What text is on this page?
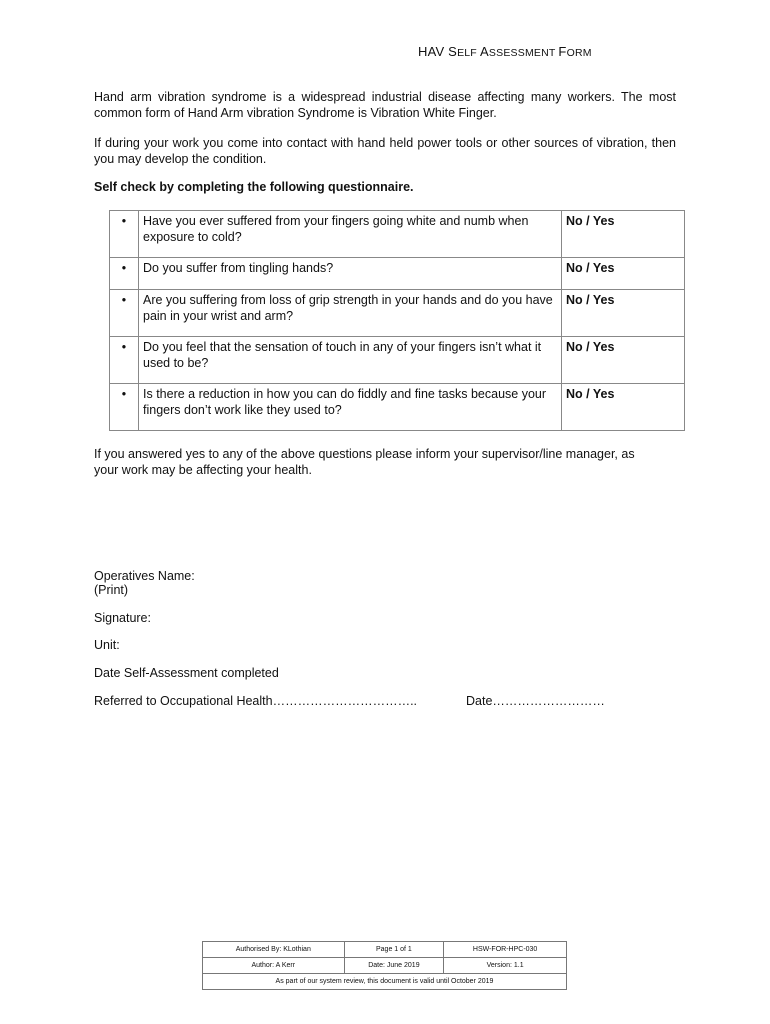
HAV SELF ASSESSMENT FORM
Hand arm vibration syndrome is a widespread industrial disease affecting many workers. The most common form of Hand Arm vibration Syndrome is Vibration White Finger.
If during your work you come into contact with hand held power tools or other sources of vibration, then you may develop the condition.
Self check by completing the following questionnaire.
•	Have you ever suffered from your fingers going white and numb when exposure to cold?	No / Yes
•	Do you suffer from tingling hands?	No / Yes
•	Are you suffering from loss of grip strength in your hands and do you have pain in your wrist and arm?	No / Yes
•	Do you feel that the sensation of touch in any of your fingers isn’t what it used to be?	No / Yes
•	Is there a reduction in how you can do fiddly and fine tasks because your fingers don’t work like they used to?	No / Yes
If you answered yes to any of the above questions please inform your supervisor/line manager, as your work may be affecting your health.
Operatives Name:
(Print)
Signature:
Unit:
Date Self-Assessment completed
Referred to Occupational Health……………………………..	Date………………………
Authorised By: KLothian	Page 1 of 1	HSW-FOR-HPC-030
Author: A Kerr	Date: June 2019	Version: 1.1
As part of our system review, this document is valid until October 2019		
